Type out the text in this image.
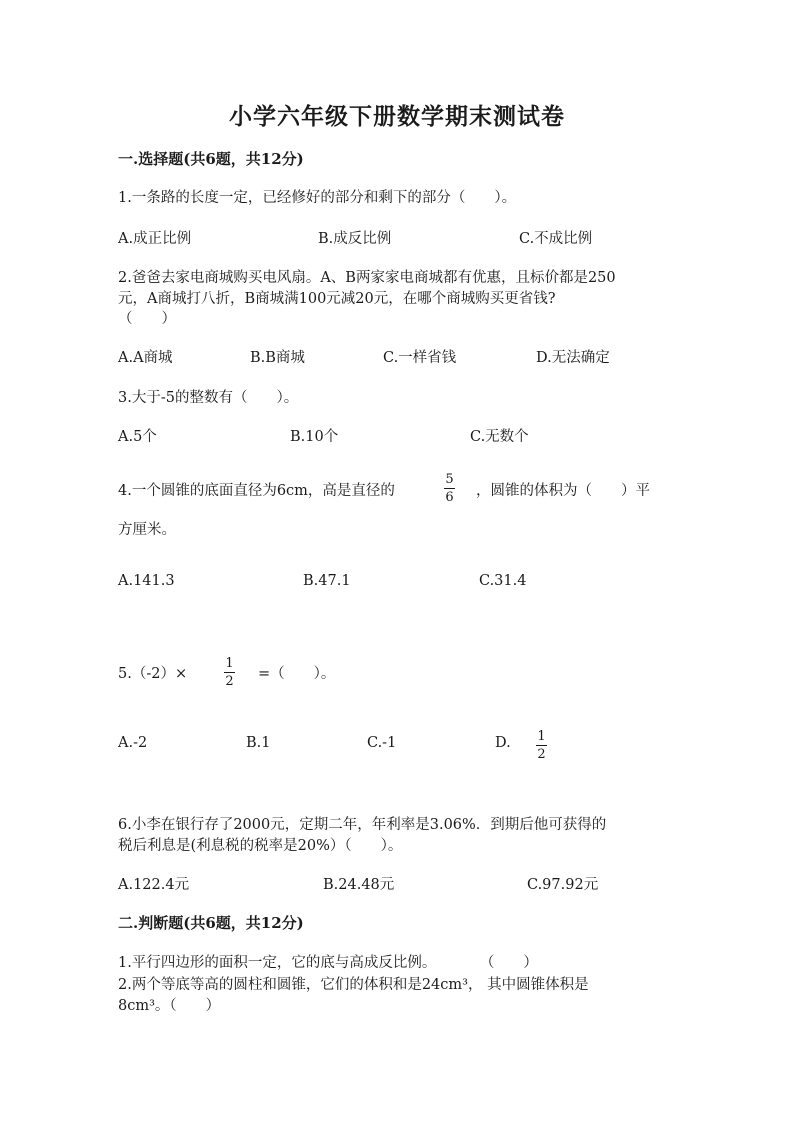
小学六年级下册数学期末测试卷
一.选择题(共6题，共12分)
1.一条路的长度一定，已经修好的部分和剩下的部分（　　）。
A.成正比例	B.成反比例	C.不成比例
2.爸爸去家电商城购买电风扇。A、B两家家电商城都有优惠，且标价都是250
元，A商城打八折，B商城满100元减20元，在哪个商城购买更省钱?
（　　）
A.A商城	B.B商城	C.一样省钱	D.无法确定
3.大于-5的整数有（　　）。
A.5个	B.10个	C.无数个
4.一个圆锥的底面直径为6cm，高是直径的
5
6 ，圆锥的体积为（　　）平
方厘米。
A.141.3	B.47.1	C.31.4
5.（-2）×
1
2 =（　　）。
A.-2	B.1	C.-1	D. 1
2
6.小李在银行存了2000元，定期二年，年利率是3.06%．到期后他可获得的
税后利息是(利息税的税率是20%）（　　）。
A.122.4元	B.24.48元	C.97.92元
二.判断题(共6题，共12分)
1.平行四边形的面积一定，它的底与高成反比例。　　　　（　　）
2.两个等底等高的圆柱和圆锥，它们的体积和是24cm³， 其中圆锥体积是
8cm³。（　　）
